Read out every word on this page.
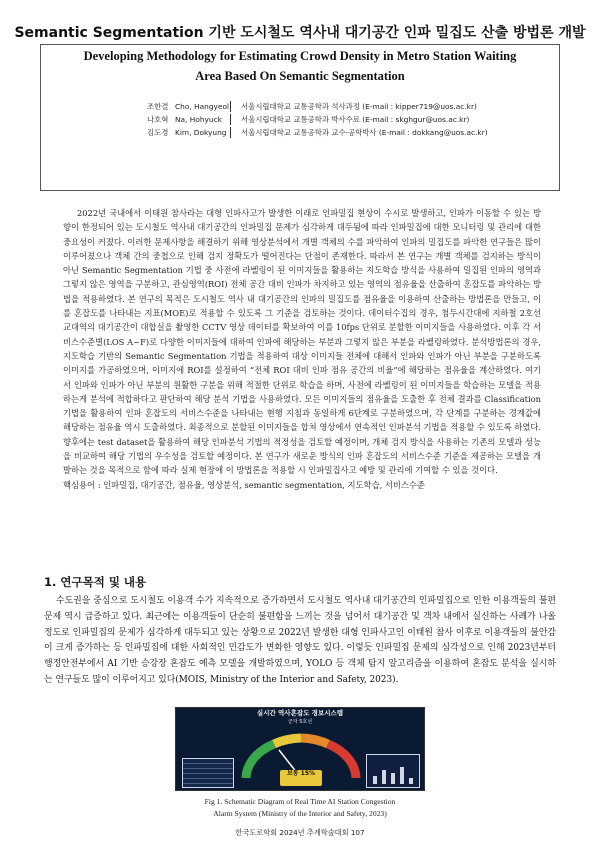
Semantic Segmentation 기반 도시철도 역사내 대기공간 인파 밀집도 산출 방법론 개발
Developing Methodology for Estimating Crowd Density in Metro Station Waiting Area Based On Semantic Segmentation
조한결 Cho, Hangyeol 서울시립대학교 교통공학과 석사과정 (E-mail : kipper719@uos.ac.kr)
나호혁 Na, Hohyuck	서울시립대학교 교통공학과 박사수료 (E-mail : skghgur@uos.ac.kr)
김도경 Kim, Dokyung	서울시립대학교 교통공학과 교수·공학박사 (E-mail : dokkang@uos.ac.kr)

2022년 국내에서 이태원 참사라는 대형 인파사고가 발생한 이래로 인파밀집 현상이 수시로 발생하고, 인파가 이동할 수 있는 방향이 한정되어 있는 도시철도 역사내 대기공간의 인파밀집 문제가 심각하게 대두됨에 따라 인파밀집에 대한 모니터링 및 관리에 대한 중요성이 커졌다. 이러한 문제사항을 해결하기 위해 영상분석에서 개별 객체의 수를 파악하여 인파의 밀집도를 파악한 연구들은 많이 이루어졌으나 객체 간의 중첩으로 인해 검지 정확도가 떨어진다는 단점이 존재한다. 따라서 본 연구는 개별 객체를 검지하는 방식이 아닌 Semantic Segmentation 기법 중 사전에 라벨링이 된 이미지들을 활용하는 지도학습 방식을 사용하여 밀집된 인파의 영역과 그렇지 않은 영역을 구분하고, 관심영역(ROI) 전체 공간 대비 인파가 차지하고 있는 영역의 점유율을 산출하여 혼잡도를 파악하는 방법을 적용하였다. 본 연구의 목적은 도시철도 역사 내 대기공간의 인파의 밀집도를 점유율을 이용하여 산출하는 방법론을 만들고, 이를 혼잡도를 나타내는 지표(MOE)로 적용할 수 있도록 그 기준을 검토하는 것이다. 데이터수집의 경우, 첨두시간대에 지하철 2호선 교대역의 대기공간이 대합실을 촬영한 CCTV 영상 데이터를 확보하여 이를 10fps 단위로 분할한 이미지들을 사용하였다. 이후 각 서비스수준별(LOS A~F)로 다양한 이미지들에 대하여 인파에 해당하는 부분과 그렇지 않은 부분을 라벨링하였다. 분석방법론의 경우, 지도학습 기반의 Semantic Segmentation 기법을 적용하여 대상 이미지들 전체에 대해서 인파와 인파가 아닌 부분을 구분하도록 이미지를 가공하였으며, 이미지에 ROI를 설정하여 “전체 ROI 대비 인파 점유 공간의 비율”에 해당하는 점유율을 계산하였다. 여기서 인파와 인파가 아닌 부분의 원활한 구분을 위해 적절한 단위로 학습을 하며, 사전에 라벨링이 된 이미지들을 학습하는 모델을 적용하는게 분석에 적합하다고 판단하여 해당 분석 기법을 사용하였다. 모든 이미지들의 점유율을 도출한 후 전체 결과를 Classification 기법을 활용하여 인파 혼잡도의 서비스수준을 나타내는 현행 지침과 동일하게 6단계로 구분하였으며, 각 단계를 구분하는 경계값에 해당하는 점유율 역시 도출하였다. 최종적으로 분할된 이미지들을 합쳐 영상에서 연속적인 인파분석 기법을 적용할 수 있도록 하였다. 향후에는 test dataset을 활용하여 해당 인파분석 기법의 적정성을 검토할 예정이며, 개체 검지 방식을 사용하는 기존의 모델과 성능을 비교하여 해당 기법의 우수성을 검토할 예정이다. 본 연구가 새로운 방식의 인파 혼잡도의 서비스수준 기준을 제공하는 모델을 개발하는 것을 목적으로 함에 따라 실제 현장에 이 방법론을 적용할 시 인파밀집사고 예방 및 관리에 기여할 수 있을 것이다.

핵심용어 : 인파밀집, 대기공간, 점유율, 영상분석, semantic segmentation, 지도학습, 서비스수준
1. 연구목적 및 내용

수도권을 중심으로 도시철도 이용객 수가 지속적으로 증가하면서 도시철도 역사내 대기공간의 인파밀집으로 인한 이용객들의 불편문제 역시 급증하고 있다. 최근에는 이용객들이 단순히 불편함을 느끼는 것을 넘어서 대기공간 및 객차 내에서 실신하는 사례가 나올정도로 인파밀집의 문제가 심각하게 대두되고 있는 상황으로 2022년 발생한 대형 인파사고인 이태원 참사 이후로 이용객들의 불안감이 크게 증가하는 등 인파밀집에 대한 사회적인 민감도가 변화한 영향도 있다. 이렇듯 인파밀집 문제의 심각성으로 인해 2023년부터 행정안전부에서 AI 기반 승강장 혼잡도 예측 모델을 개발하였으며, YOLO 등 객체 탐지 알고리즘을 이용하여 혼잡도 분석을 실시하는 연구들도 많이 이루어지고 있다(MOIS, Ministry of the Interior and Safety, 2023).

실시간 역사혼잡도 경보시스템
군자 5호선
보통 15%
Fig 1. Schematic Diagram of Real Time AI Station Congestion
Alarm System (Ministry of the Interior and Safety, 2023)
한국도로학회 2024년 추계학술대회 107
